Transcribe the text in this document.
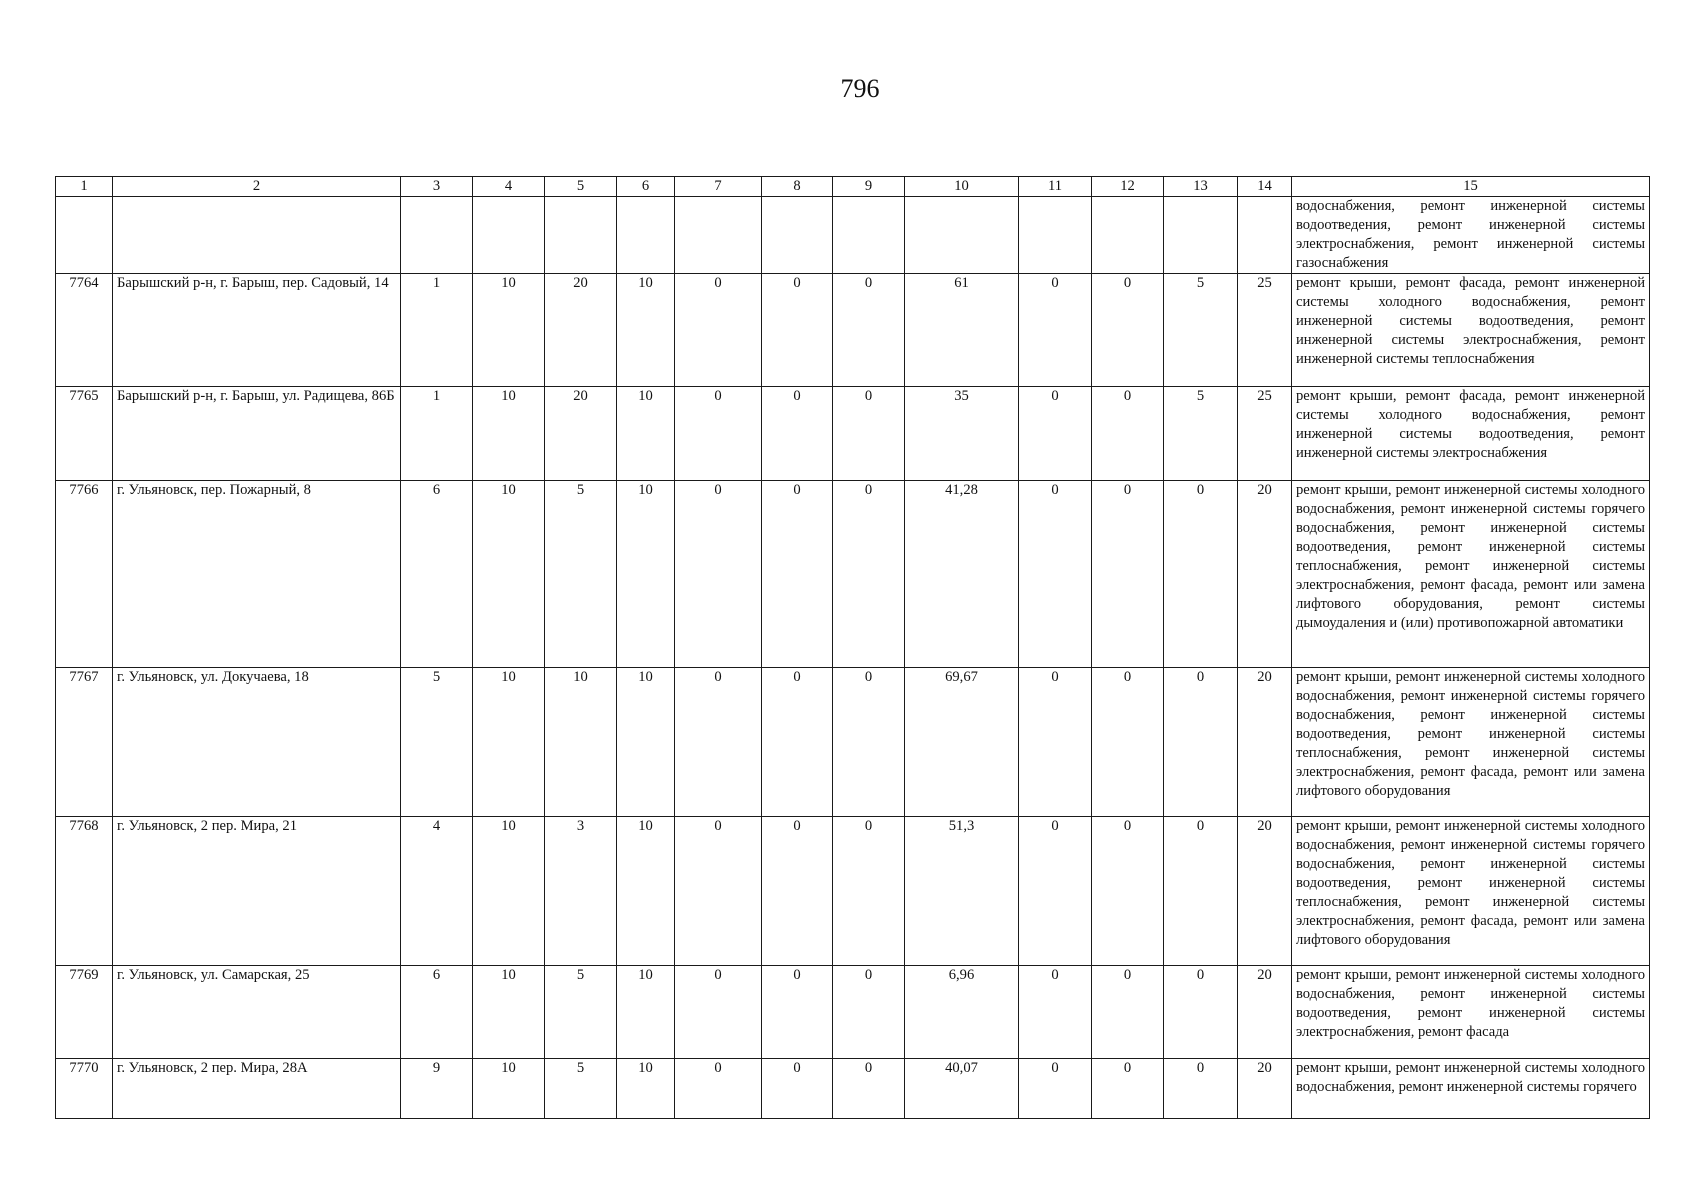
796
1	2	3	4	5	6	7	8	9	10	11	12	13	14	15
														водоснабжения, ремонт инженерной системы водоотведения, ремонт инженерной системы электроснабжения, ремонт инженерной системы газоснабжения
7764	Барышский р-н, г. Барыш, пер. Садовый, 14	1	10	20	10	0	0	0	61	0	0	5	25	ремонт крыши, ремонт фасада, ремонт инженерной системы холодного водоснабжения, ремонт инженерной системы водоотведения, ремонт инженерной системы электроснабжения, ремонт инженерной системы теплоснабжения
7765	Барышский р-н, г. Барыш, ул. Радищева, 86Б	1	10	20	10	0	0	0	35	0	0	5	25	ремонт крыши, ремонт фасада, ремонт инженерной системы холодного водоснабжения, ремонт инженерной системы водоотведения, ремонт инженерной системы электроснабжения
7766	г. Ульяновск, пер. Пожарный, 8	6	10	5	10	0	0	0	41,28	0	0	0	20	ремонт крыши, ремонт инженерной системы холодного водоснабжения, ремонт инженерной системы горячего водоснабжения, ремонт инженерной системы водоотведения, ремонт инженерной системы теплоснабжения, ремонт инженерной системы электроснабжения, ремонт фасада, ремонт или замена лифтового оборудования, ремонт системы дымоудаления и (или) противопожарной автоматики
7767	г. Ульяновск, ул. Докучаева, 18	5	10	10	10	0	0	0	69,67	0	0	0	20	ремонт крыши, ремонт инженерной системы холодного водоснабжения, ремонт инженерной системы горячего водоснабжения, ремонт инженерной системы водоотведения, ремонт инженерной системы теплоснабжения, ремонт инженерной системы электроснабжения, ремонт фасада, ремонт или замена лифтового оборудования
7768	г. Ульяновск, 2 пер. Мира, 21	4	10	3	10	0	0	0	51,3	0	0	0	20	ремонт крыши, ремонт инженерной системы холодного водоснабжения, ремонт инженерной системы горячего водоснабжения, ремонт инженерной системы водоотведения, ремонт инженерной системы теплоснабжения, ремонт инженерной системы электроснабжения, ремонт фасада, ремонт или замена лифтового оборудования
7769	г. Ульяновск, ул. Самарская, 25	6	10	5	10	0	0	0	6,96	0	0	0	20	ремонт крыши, ремонт инженерной системы холодного водоснабжения, ремонт инженерной системы водоотведения, ремонт инженерной системы электроснабжения, ремонт фасада
7770	г. Ульяновск, 2 пер. Мира, 28А	9	10	5	10	0	0	0	40,07	0	0	0	20	ремонт крыши, ремонт инженерной системы холодного водоснабжения, ремонт инженерной системы горячего
